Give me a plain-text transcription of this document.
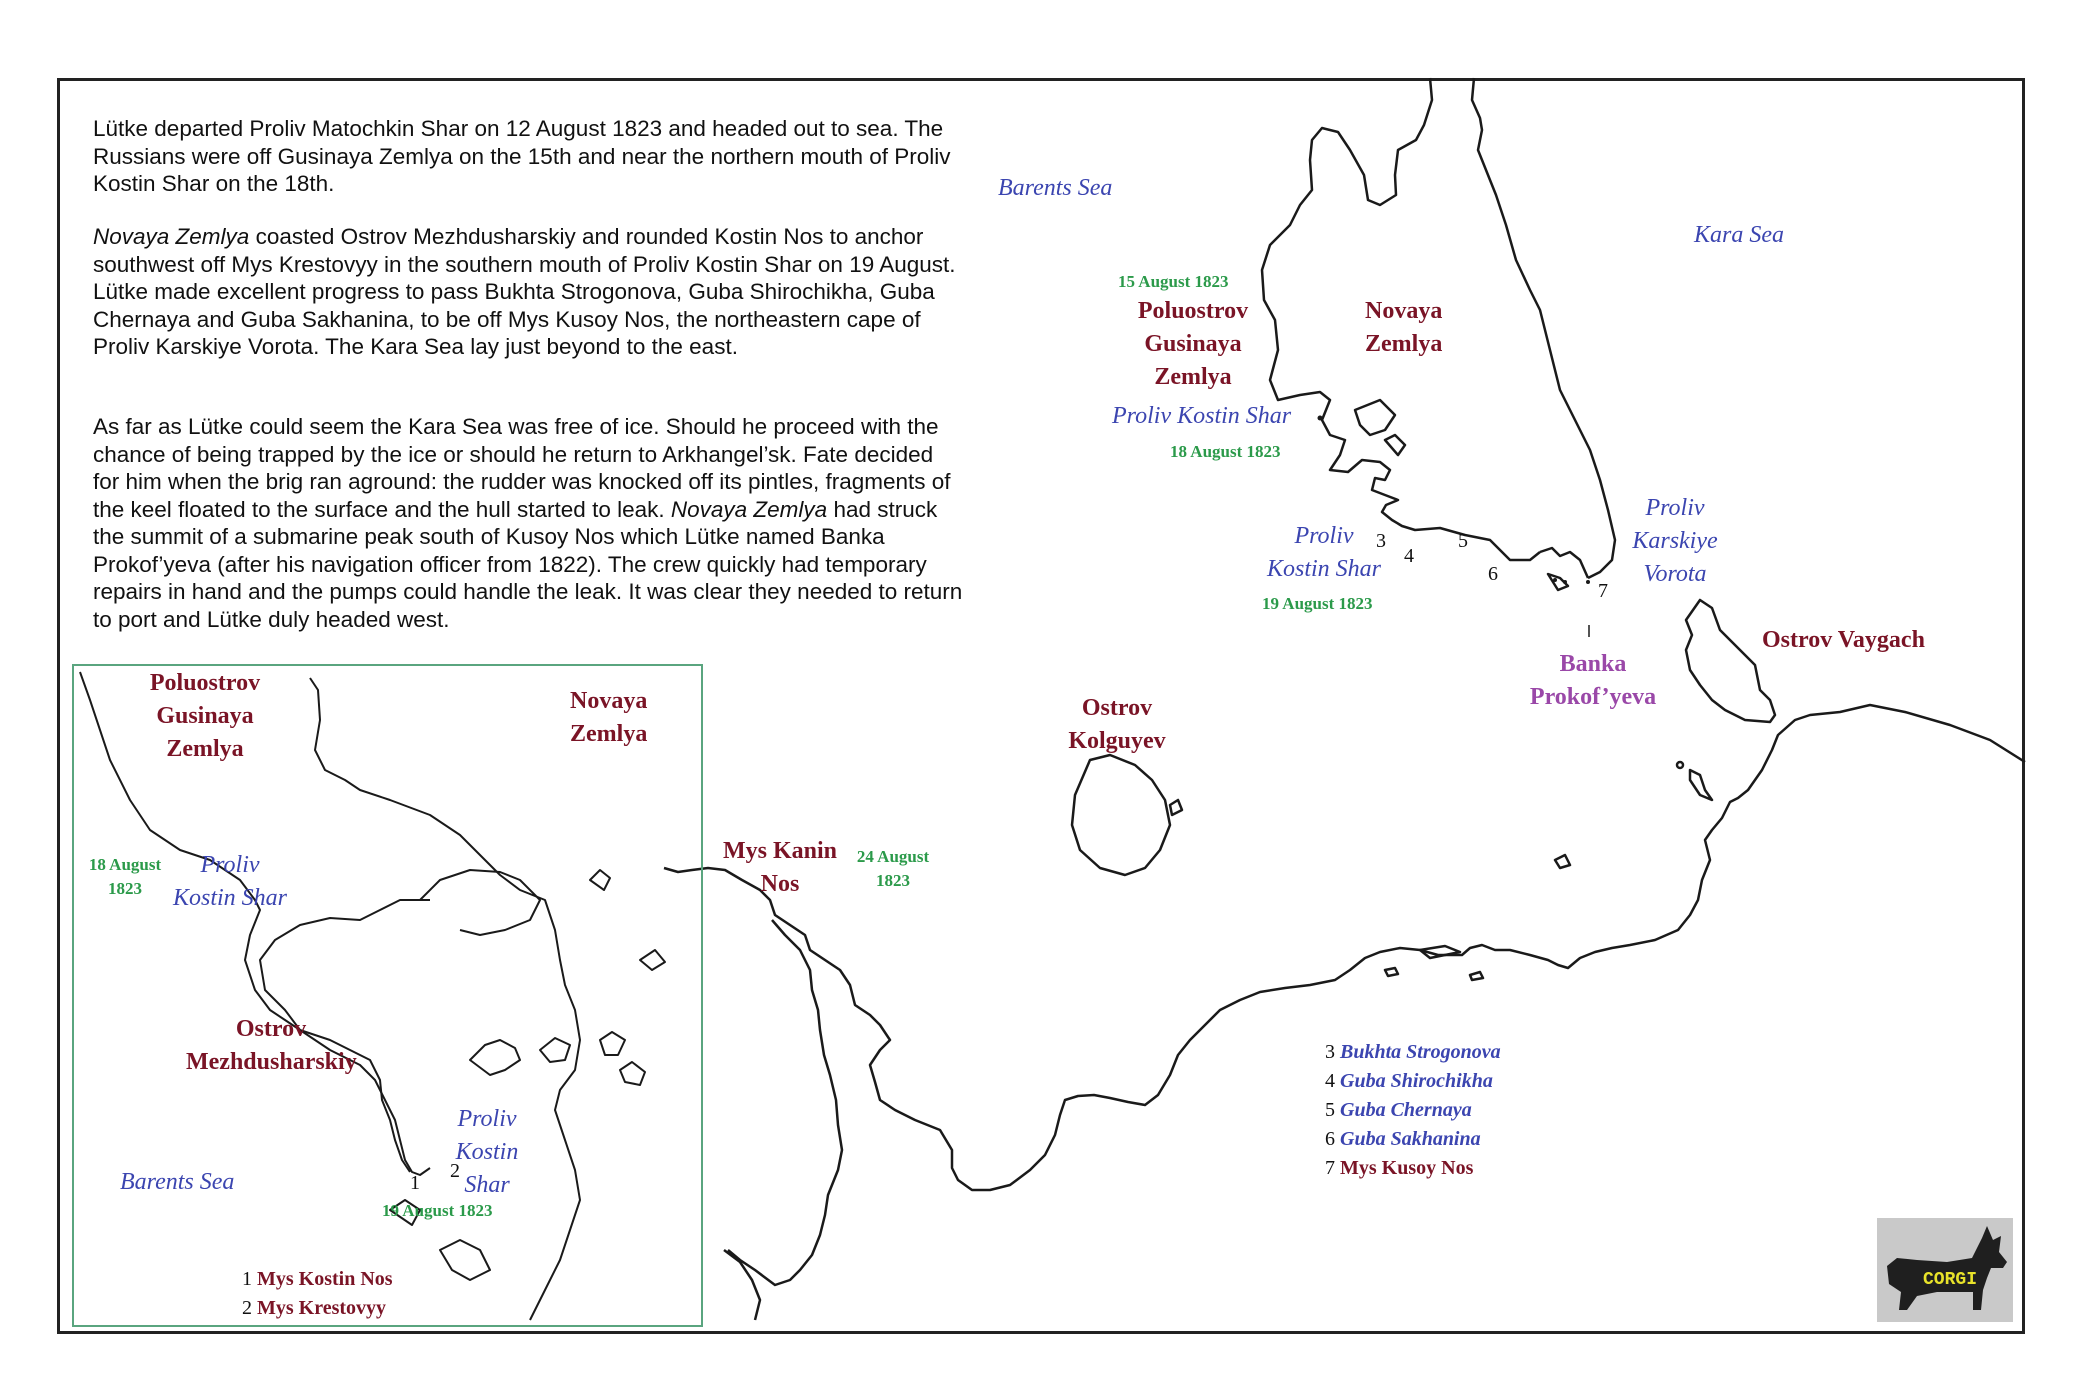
Lütke departed Proliv Matochkin Shar on 12 August 1823 and headed out to sea. The Russians were off Gusinaya Zemlya on the 15th and near the northern mouth of Proliv Kostin Shar on the 18th.

Novaya Zemlya coasted Ostrov Mezhdusharskiy and rounded Kostin Nos to anchor southwest off Mys Krestovyy in the southern mouth of Proliv Kostin Shar on 19 August. Lütke made excellent progress to pass Bukhta Strogonova, Guba Shirochikha, Guba Chernaya and Guba Sakhanina, to be off Mys Kusoy Nos, the northeastern cape of Proliv Karskiye Vorota. The Kara Sea lay just beyond to the east.

As far as Lütke could seem the Kara Sea was free of ice. Should he proceed with the chance of being trapped by the ice or should he return to Arkhangel’sk. Fate decided for him when the brig ran aground: the rudder was knocked off its pintles, fragments of the keel floated to the surface and the hull started to leak. Novaya Zemlya had struck the summit of a submarine peak south of Kusoy Nos which Lütke named Banka Prokof’yeva (after his navigation officer from 1822). The crew quickly had temporary repairs in hand and the pumps could handle the leak. It was clear they needed to return to port and Lütke duly headed west.

Barents Sea
Kara Sea
15 August 1823
Poluostrov
Gusinaya
Zemlya
Novaya
Zemlya
Proliv Kostin Shar
18 August 1823
Proliv
Kostin Shar
19 August 1823
Proliv
Karskiye
Vorota
Ostrov Vaygach
Banka
Prokof’yeva
Ostrov
Kolguyev
Mys Kanin
Nos
24 August
1823
3
4
5
6
7
3 Bukhta Strogonova
4 Guba Shirochikha
5 Guba Chernaya
6 Guba Sakhanina
7 Mys Kusoy Nos
Poluostrov
Gusinaya
Zemlya
Novaya
Zemlya
18 August
1823
Proliv
Kostin Shar
Ostrov
Mezhdusharskiy
Proliv
Kostin
Shar
Barents Sea
19 August 1823
1
2
1 Mys Kostin Nos
2 Mys Krestovyy
CORGI
